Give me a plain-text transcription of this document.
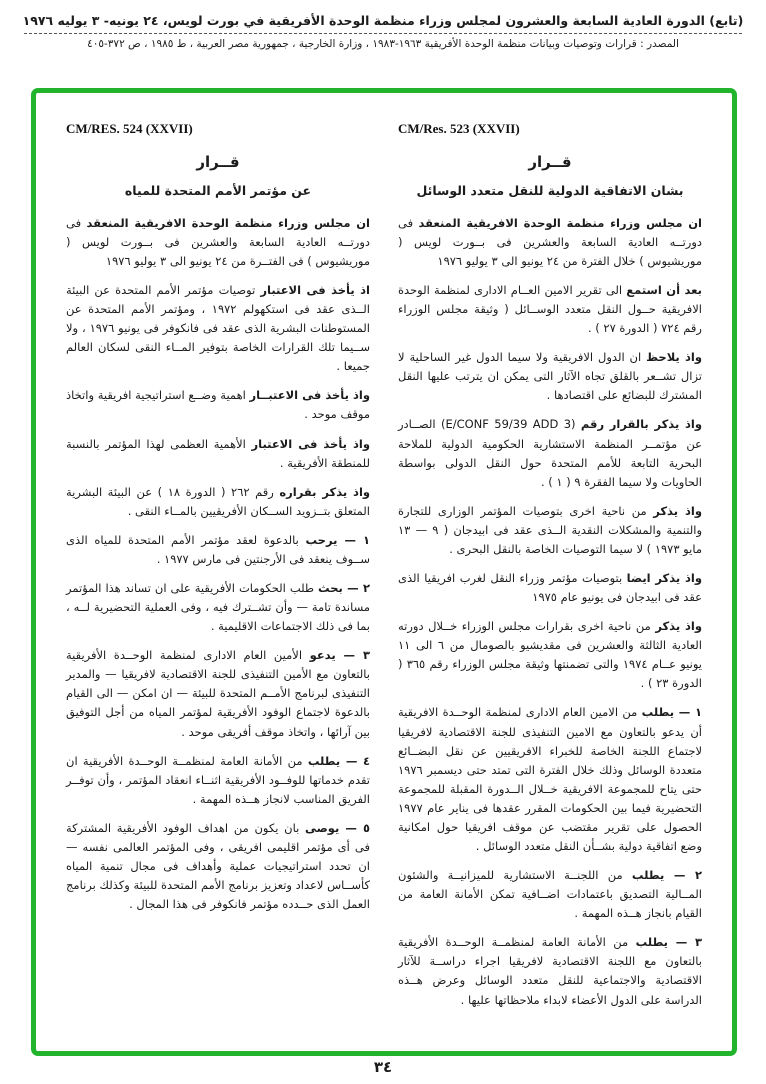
(تابع) الدورة العادية السابعة والعشرون لمجلس وزراء منظمة الوحدة الأفريقية في بورت لويس، ٢٤ يونيه- ٣ يوليه ١٩٧٦
المصدر : قرارات وتوصيات وبيانات منظمة الوحدة الأفريقية ١٩٦٣-١٩٨٣ ، وزارة الخارجية ، جمهورية مصر العربية ، ط ١٩٨٥ ، ص ٣٧٢-٤٠٥
CM/Res. 523 (XXVII)
قــرار
بشان الاتفاقية الدولية للنقل متعدد الوسائل

ان مجلس وزراء منظمة الوحدة الافريقية المنعقد فى دورتــه العادية السابعة والعشرين فى بــورت لويس ( موريشيوس ) خلال الفترة من ٢٤ يونيو الى ٣ يوليو ١٩٧٦

بعد أن استمع الى تقرير الامين العــام الادارى لمنظمة الوحدة الافريقية حــول النقل متعدد الوســائل ( وثيقة مجلس الوزراء رقم ٧٢٤ ( الدورة ٢٧ ) .

واذ يلاحظ ان الدول الافريقية ولا سيما الدول غير الساحلية لا تزال تشــعر بالقلق تجاه الآثار التى يمكن ان يترتب عليها النقل المشترك للبضائع على اقتصادها .

واذ يذكر بالقرار رقم (E/CONF 59/39 ADD 3) الصــادر عن مؤتمــر المنظمة الاستشارية الحكومية الدولية للملاحة البحرية التابعة للأمم المتحدة حول النقل الدولى بواسطة الحاويات ولا سيما الفقرة ٩ ( ١ ) .

واذ يذكر من ناحية اخرى بتوصيات المؤتمر الوزارى للتجارة والتنمية والمشكلات النقدية الــذى عقد فى ابيدجان ( ٩ — ١٣ مايو ١٩٧٣ ) لا سيما التوصيات الخاصة بالنقل البحرى .

واذ يذكر ايضا بتوصيات مؤتمر وزراء النقل لغرب افريقيا الذى عقد فى ابيدجان فى يونيو عام ١٩٧٥

واذ يذكر من ناحية اخرى بقرارات مجلس الوزراء خــلال دورته العادية الثالثة والعشرين فى مقديشيو بالصومال من ٦ الى ١١ يونيو عــام ١٩٧٤ والتى تضمنتها وثيقة مجلس الوزراء رقم ٣٦٥ ( الدورة ٢٣ ) .

١ — يطلب من الامين العام الادارى لمنظمة الوحــدة الافريقية أن يدعو بالتعاون مع الامين التنفيذى للجنة الاقتصادية لافريقيا لاجتماع اللجنة الخاصة للخبراء الافريقيين عن نقل البضــائع متعددة الوسائل وذلك خلال الفترة التى تمتد حتى ديسمبر ١٩٧٦ حتى يتاح للمجموعة الافريقية خــلال الــدورة المقبلة للمجموعة التحضيرية فيما بين الحكومات المقرر عقدها فى يناير عام ١٩٧٧ الحصول على تقرير مقتضب عن موقف افريقيا حول امكانية وضع اتفاقية دولية بشــأن النقل متعدد الوسائل .

٢ — يطلب من اللجنــة الاستشارية للميزانيــة والشئون المــالية التصديق باعتمادات اضــافية تمكن الأمانة العامة من القيام بانجاز هــذه المهمة .

٣ — يطلب من الأمانة العامة لمنظمــة الوحــدة الأفريقية بالتعاون مع اللجنة الاقتصادية لافريقيا اجراء دراســة للآثار الاقتصادية والاجتماعية للنقل متعدد الوسائل وعرض هــذه الدراسة على الدول الأعضاء لابداء ملاحظاتها عليها .

CM/RES. 524 (XXVII)
قــرار
عن مؤتمر الأمم المتحدة للمياه

ان مجلس وزراء منظمة الوحدة الافريقية المنعقد فى دورتــه العادية السابعة والعشرين فى بــورت لويس ( موريشيوس ) فى الفتــرة من ٢٤ يونيو الى ٣ يوليو ١٩٧٦

اذ يأخذ فى الاعتبار توصيات مؤتمر الأمم المتحدة عن البيئة الــذى عقد فى استكهولم ١٩٧٢ ، ومؤتمر الأمم المتحدة عن المستوطنات البشرية الذى عقد فى فانكوفر فى يونيو ١٩٧٦ ، ولا ســيما تلك القرارات الخاصة بتوفير المــاء النقى لسكان العالم جميعا .

واذ يأخذ فى الاعتبــار اهمية وضــع استراتيجية افريقية واتخاذ موقف موحد .

واذ يأخذ فى الاعتبار الأهمية العظمى لهذا المؤتمر بالنسبة للمنطقة الأفريقية .

واذ يذكر بقراره رقم ٢٦٢ ( الدورة ١٨ ) عن البيئة البشرية المتعلق بتــزويد الســكان الأفريقيين بالمــاء النقى .

١ — يرحب بالدعوة لعقد مؤتمر الأمم المتحدة للمياه الذى ســوف ينعقد فى الأرجنتين فى مارس ١٩٧٧ .

٢ — بحث طلب الحكومات الأفريقية على ان تساند هذا المؤتمر مساندة تامة — وأن تشــترك فيه ، وفى العملية التحضيرية لــه ، بما فى ذلك الاجتماعات الاقليمية .

٣ — يدعو الأمين العام الادارى لمنظمة الوحــدة الأفريقية بالتعاون مع الأمين التنفيذى للجنة الاقتصادية لافريقيا — والمدير التنفيذى لبرنامج الأمــم المتحدة للبيئة — ان امكن — الى القيام بالدعوة لاجتماع الوفود الأفريقية لمؤتمر المياه من أجل التوفيق بين آرائها ، واتخاذ موقف أفريقى موحد .

٤ — يطلب من الأمانة العامة لمنظمــة الوحــدة الأفريقية ان تقدم خدماتها للوفــود الأفريقية اثنــاء انعقاد المؤتمر ، وأن توفــر الفريق المناسب لانجاز هــذه المهمة .

٥ — يوصى بان يكون من اهداف الوفود الأفريقية المشتركة فى أى مؤتمر اقليمى افريقى ، وفى المؤتمر العالمى نفسه — ان تحدد استراتيجيات عملية وأهداف فى مجال تنمية المياه كأســاس لاعداد وتعزيز برنامج الأمم المتحدة للبيئة وكذلك برنامج العمل الذى حــدده مؤتمر فانكوفر فى هذا المجال .

٣٤
